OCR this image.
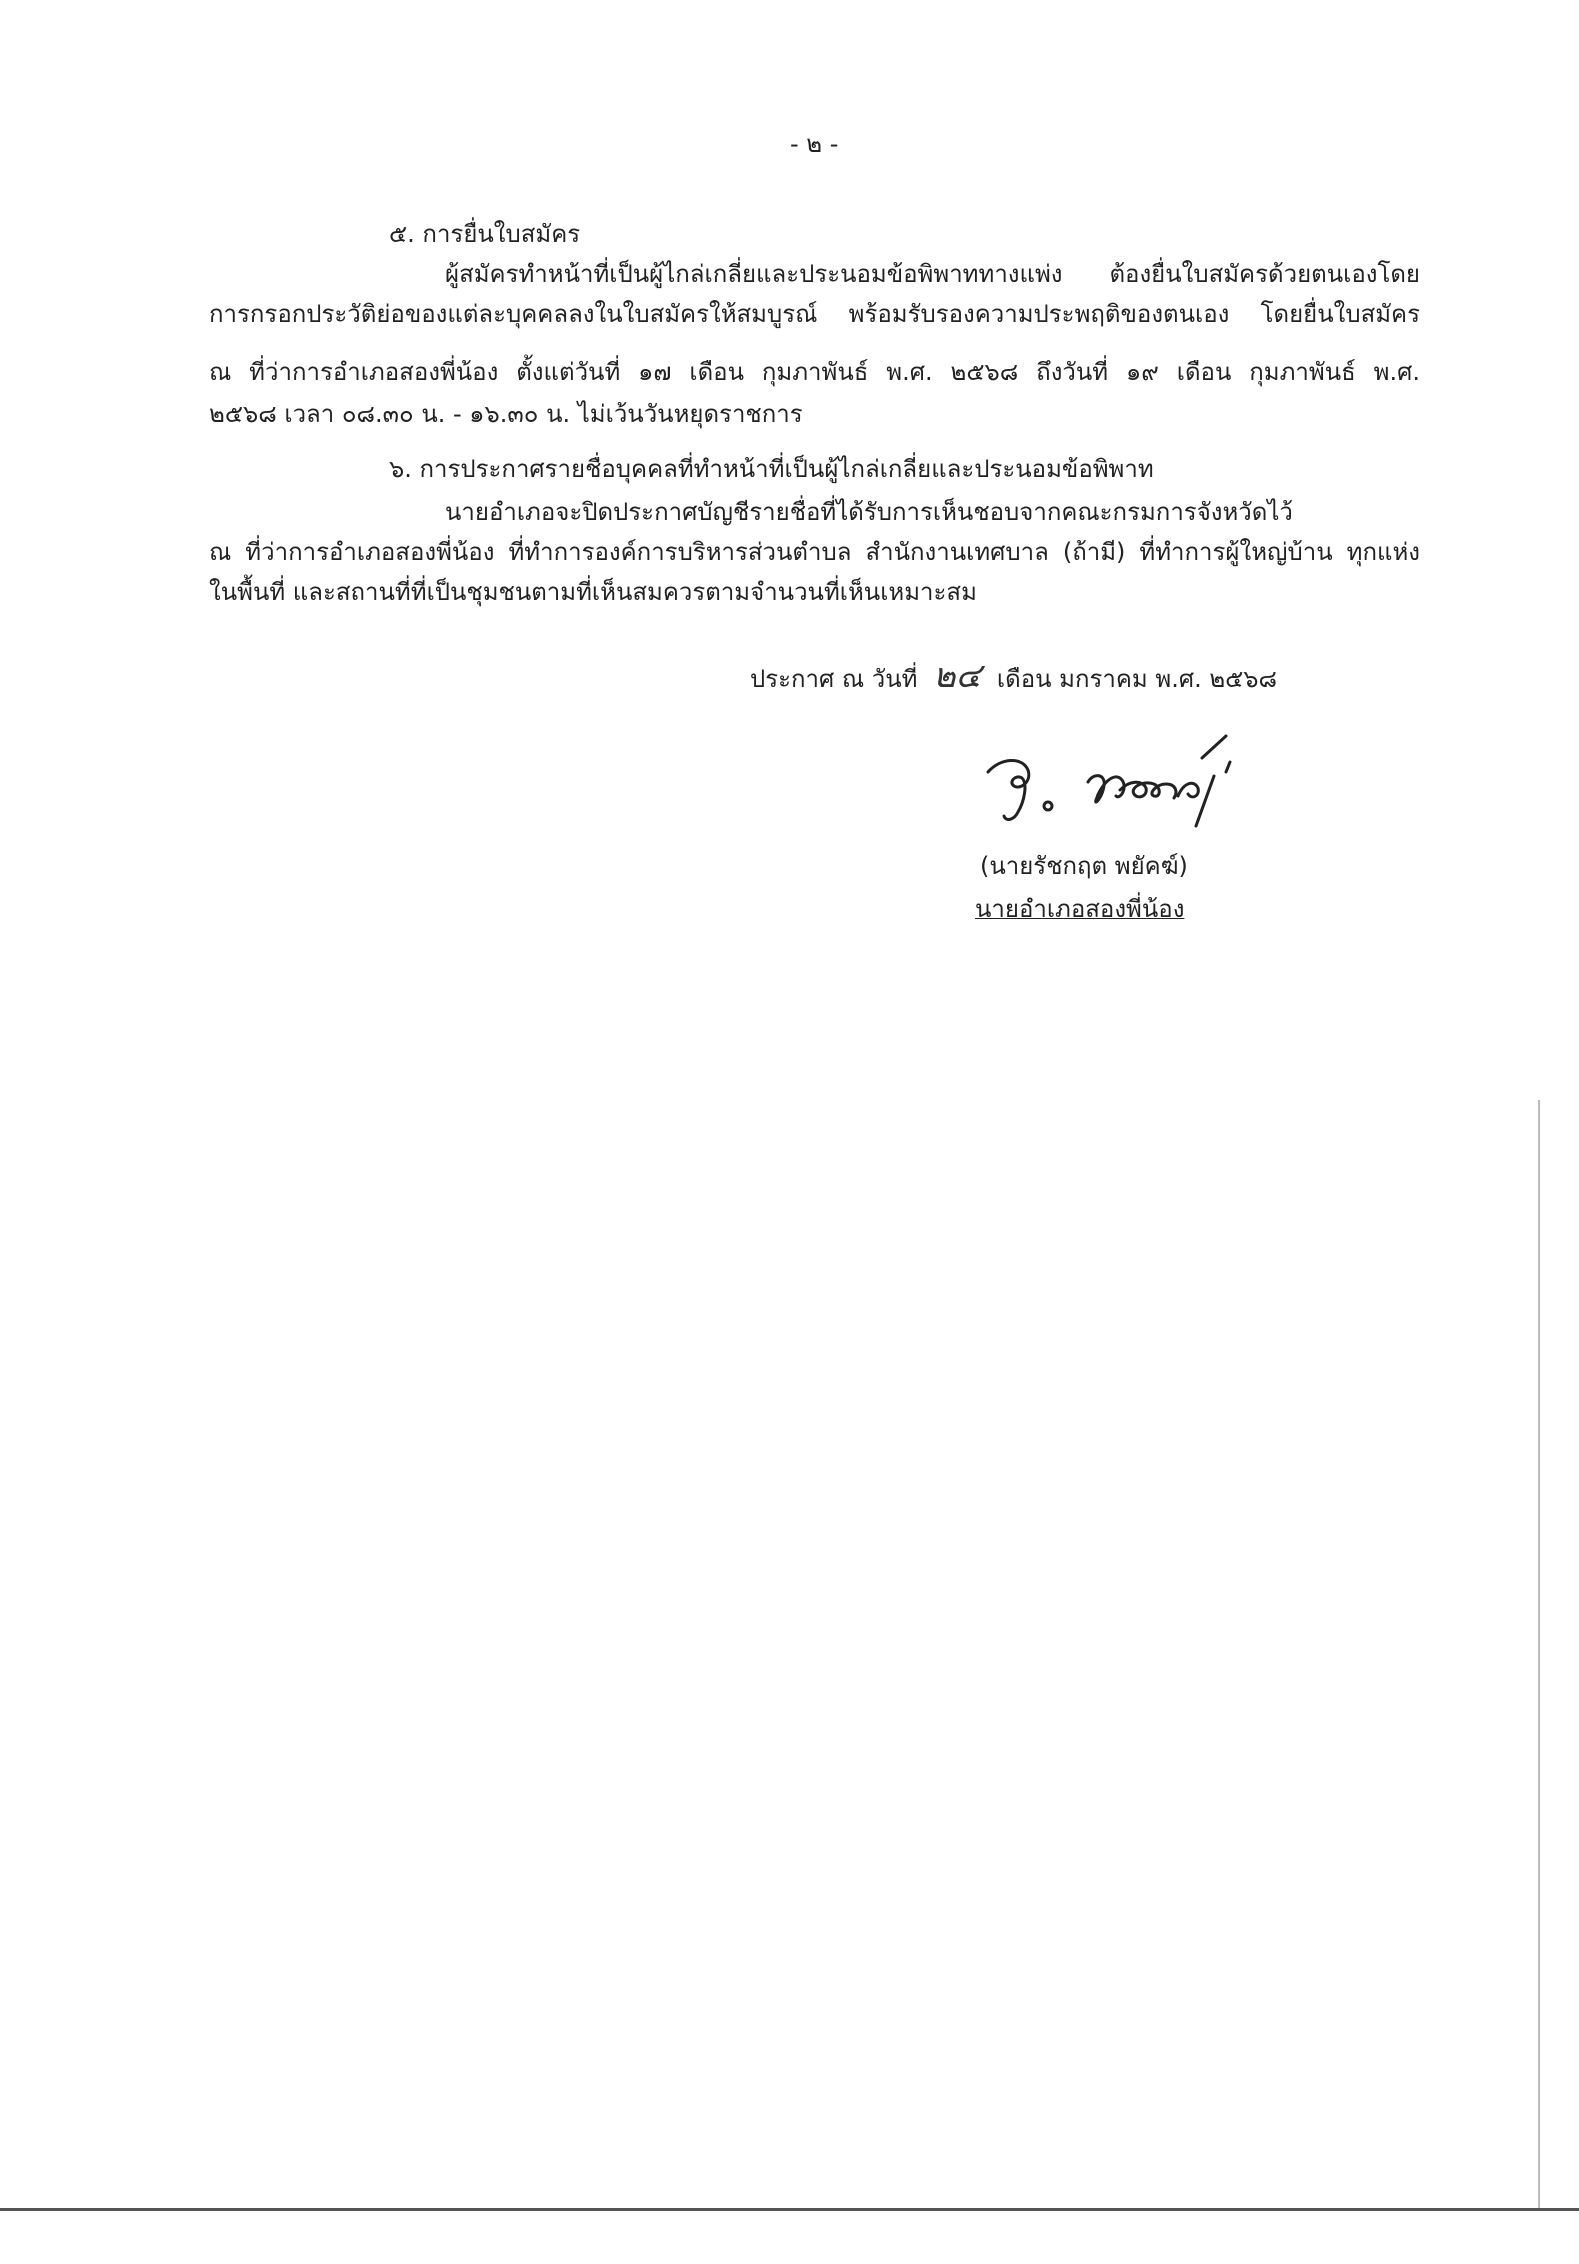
- ๒ -
๕. การยื่นใบสมัคร
ผู้สมัครทำหน้าที่เป็นผู้ไกล่เกลี่ยและประนอมข้อพิพาททางแพ่ง ต้องยื่นใบสมัครด้วยตนเองโดย
การกรอกประวัติย่อของแต่ละบุคคลลงในใบสมัครให้สมบูรณ์ พร้อมรับรองความประพฤติของตนเอง โดยยื่นใบสมัคร
ณ ที่ว่าการอำเภอสองพี่น้อง ตั้งแต่วันที่ ๑๗ เดือน กุมภาพันธ์ พ.ศ. ๒๕๖๘ ถึงวันที่ ๑๙ เดือน กุมภาพันธ์ พ.ศ.
๒๕๖๘ เวลา ๐๘.๓๐ น. - ๑๖.๓๐ น. ไม่เว้นวันหยุดราชการ
๖. การประกาศรายชื่อบุคคลที่ทำหน้าที่เป็นผู้ไกล่เกลี่ยและประนอมข้อพิพาท
นายอำเภอจะปิดประกาศบัญชีรายชื่อที่ได้รับการเห็นชอบจากคณะกรมการจังหวัดไว้
ณ ที่ว่าการอำเภอสองพี่น้อง ที่ทำการองค์การบริหารส่วนตำบล สำนักงานเทศบาล (ถ้ามี) ที่ทำการผู้ใหญ่บ้าน ทุกแห่ง
ในพื้นที่ และสถานที่ที่เป็นชุมชนตามที่เห็นสมควรตามจำนวนที่เห็นเหมาะสม
ประกาศ ณ วันที่ ๒๔ เดือน มกราคม พ.ศ. ๒๕๖๘
(นายรัชกฤต พยัคฆ์)
นายอำเภอสองพี่น้อง
